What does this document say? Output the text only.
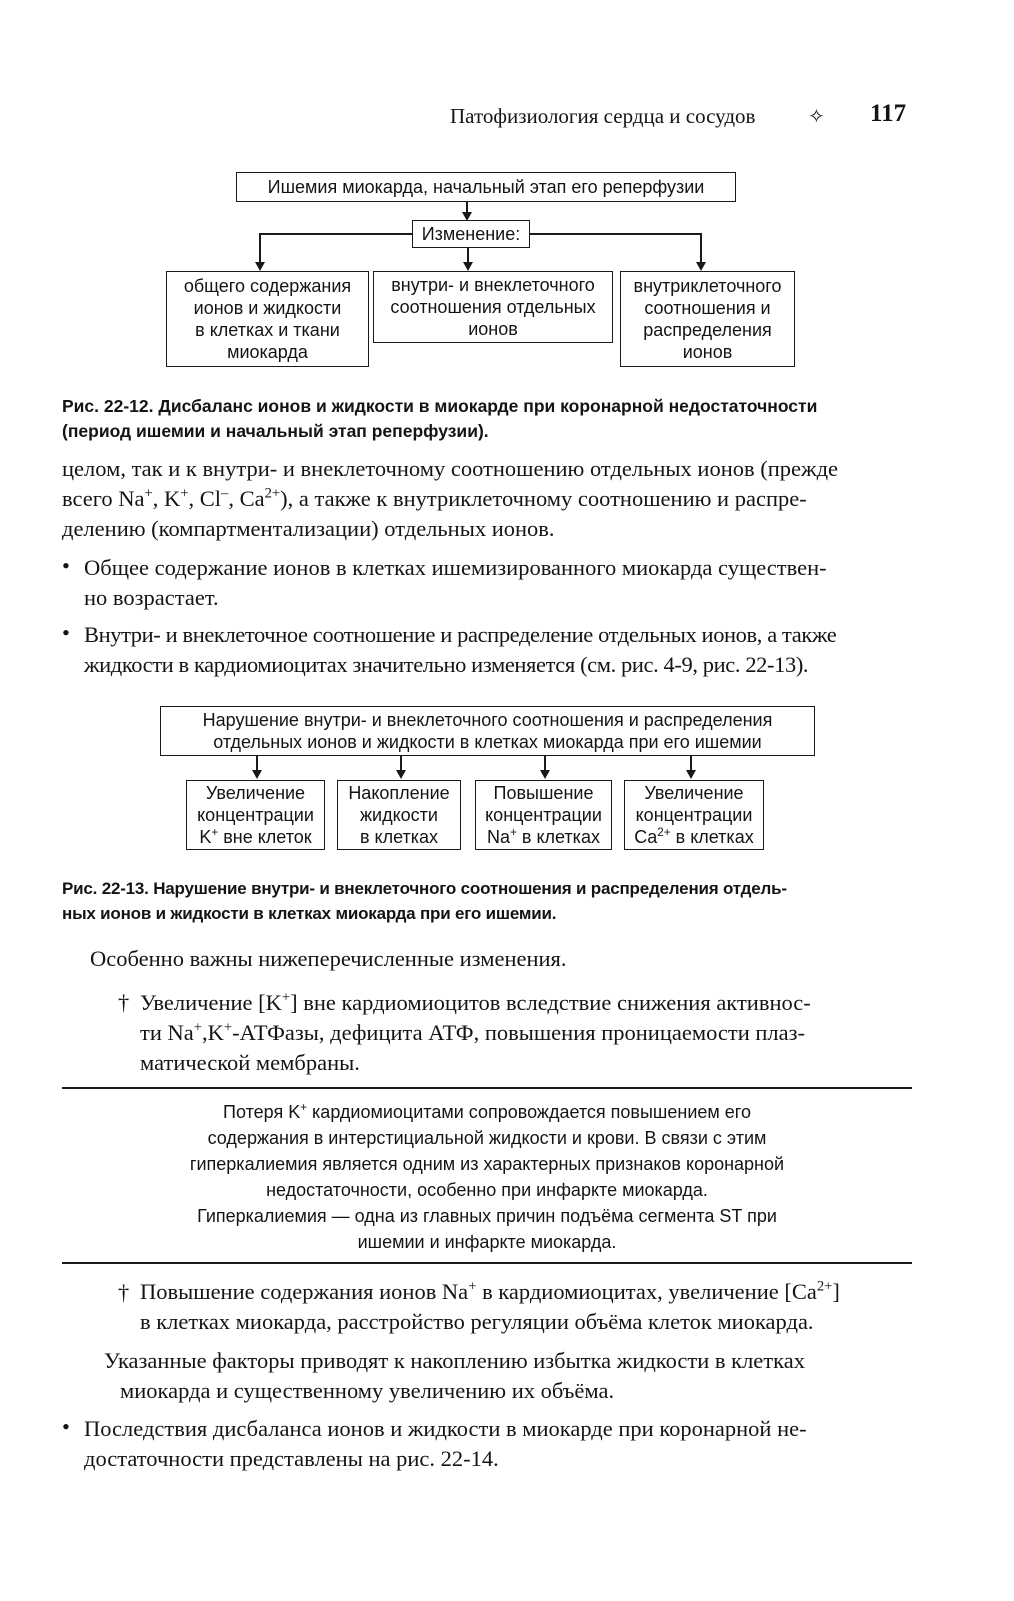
Патофизиология сердца и сосудов	✧ 117
Ишемия миокарда, начальный этап его реперфузии
Изменение:
общего содержания
ионов и жидкости
в клетках и ткани
миокарда
внутри- и внеклеточного
соотношения отдельных
ионов
внутриклеточного
соотношения и
распределения
ионов
Рис. 22-12. Дисбаланс ионов и жидкости в миокарде при коронарной недостаточности
(период ишемии и начальный этап реперфузии).
целом, так и к внутри- и внеклеточному соотношению отдельных ионов (прежде
всего Na+, K+, Cl–, $Ca^{2+}$), а также к внутриклеточному соотношению и распре-
делению (компартментализации) отдельных ионов.
• Общее содержание ионов в клетках ишемизированного миокарда существен-
но возрастает.
• Внутри- и внеклеточное соотношение и распределение отдельных ионов, а также
жидкости в кардиомиоцитах значительно изменяется (см. рис. 4-9, рис. 22-13).
Нарушение внутри- и внеклеточного соотношения и распределения
отдельных ионов и жидкости в клетках миокарда при его ишемии
Увеличение
концентрации
K+ вне клеток
Накопление
жидкости
в клетках
Повышение
концентрации
Na+ в клетках
Увеличение
концентрации
$Ca^{2+}$ в клетках
Рис. 22-13. Нарушение внутри- и внеклеточного соотношения и распределения отдель-
ных ионов и жидкости в клетках миокарда при его ишемии.
Особенно важны нижеперечисленные изменения.
† Увеличение [K+] вне кардиомиоцитов вследствие снижения активнос-
ти Na+,K+-АТФазы, дефицита АТФ, повышения проницаемости плаз-
матической мембраны.
Потеря K+ кардиомиоцитами сопровождается повышением его
содержания в интерстициальной жидкости и крови. В связи с этим
гиперкалиемия является одним из характерных признаков коронарной
недостаточности, особенно при инфаркте миокарда.
Гиперкалиемия — одна из главных причин подъёма сегмента ST при
ишемии и инфаркте миокарда.
† Повышение содержания ионов Na+ в кардиомиоцитах, увеличение $[Ca^{2+}]$
в клетках миокарда, расстройство регуляции объёма клеток миокарда.
Указанные факторы приводят к накоплению избытка жидкости в клетках
миокарда и существенному увеличению их объёма.
• Последствия дисбаланса ионов и жидкости в миокарде при коронарной не-
достаточности представлены на рис. 22-14.
